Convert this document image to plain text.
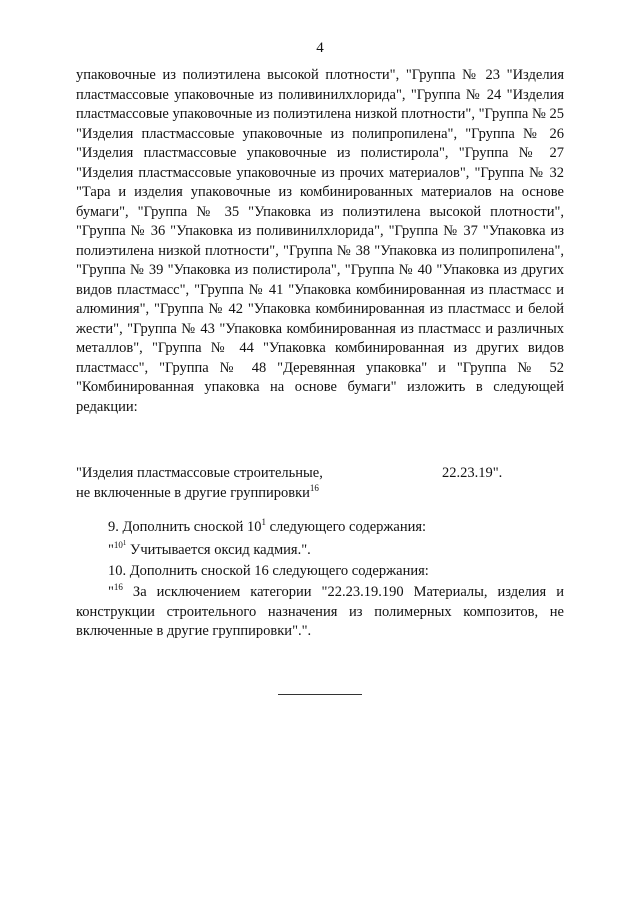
4

упаковочные из полиэтилена высокой плотности", "Группа № 23 "Изделия пластмассовые упаковочные из поливинилхлорида", "Группа № 24 "Изделия пластмассовые упаковочные из полиэтилена низкой плотности", "Группа № 25 "Изделия пластмассовые упаковочные из полипропилена", "Группа № 26 "Изделия пластмассовые упаковочные из полистирола", "Группа № 27 "Изделия пластмассовые упаковочные из прочих материалов", "Группа № 32 "Тара и изделия упаковочные из комбинированных материалов на основе бумаги", "Группа № 35 "Упаковка из полиэтилена высокой плотности", "Группа № 36 "Упаковка из поливинилхлорида", "Группа № 37 "Упаковка из полиэтилена низкой плотности", "Группа № 38 "Упаковка из полипропилена", "Группа № 39 "Упаковка из полистирола", "Группа № 40 "Упаковка из других видов пластмасс", "Группа № 41 "Упаковка комбинированная из пластмасс и алюминия", "Группа № 42 "Упаковка комбинированная из пластмасс и белой жести", "Группа № 43 "Упаковка комбинированная из пластмасс и различных металлов", "Группа № 44 "Упаковка комбинированная из других видов пластмасс", "Группа № 48 "Деревянная упаковка" и "Группа № 52 "Комбинированная упаковка на основе бумаги" изложить в следующей редакции:

"Изделия пластмассовые строительные,
не включенные в другие группировки$^{16}$
22.23.19".

9. Дополнить сноской $10^1$ следующего содержания:

"$^{10^1}$ Учитывается оксид кадмия.".

10. Дополнить сноской 16 следующего содержания:

"$^{16}$ За исключением категории "22.23.19.190 Материалы, изделия и конструкции строительного назначения из полимерных композитов, не включенные в другие группировки".".
